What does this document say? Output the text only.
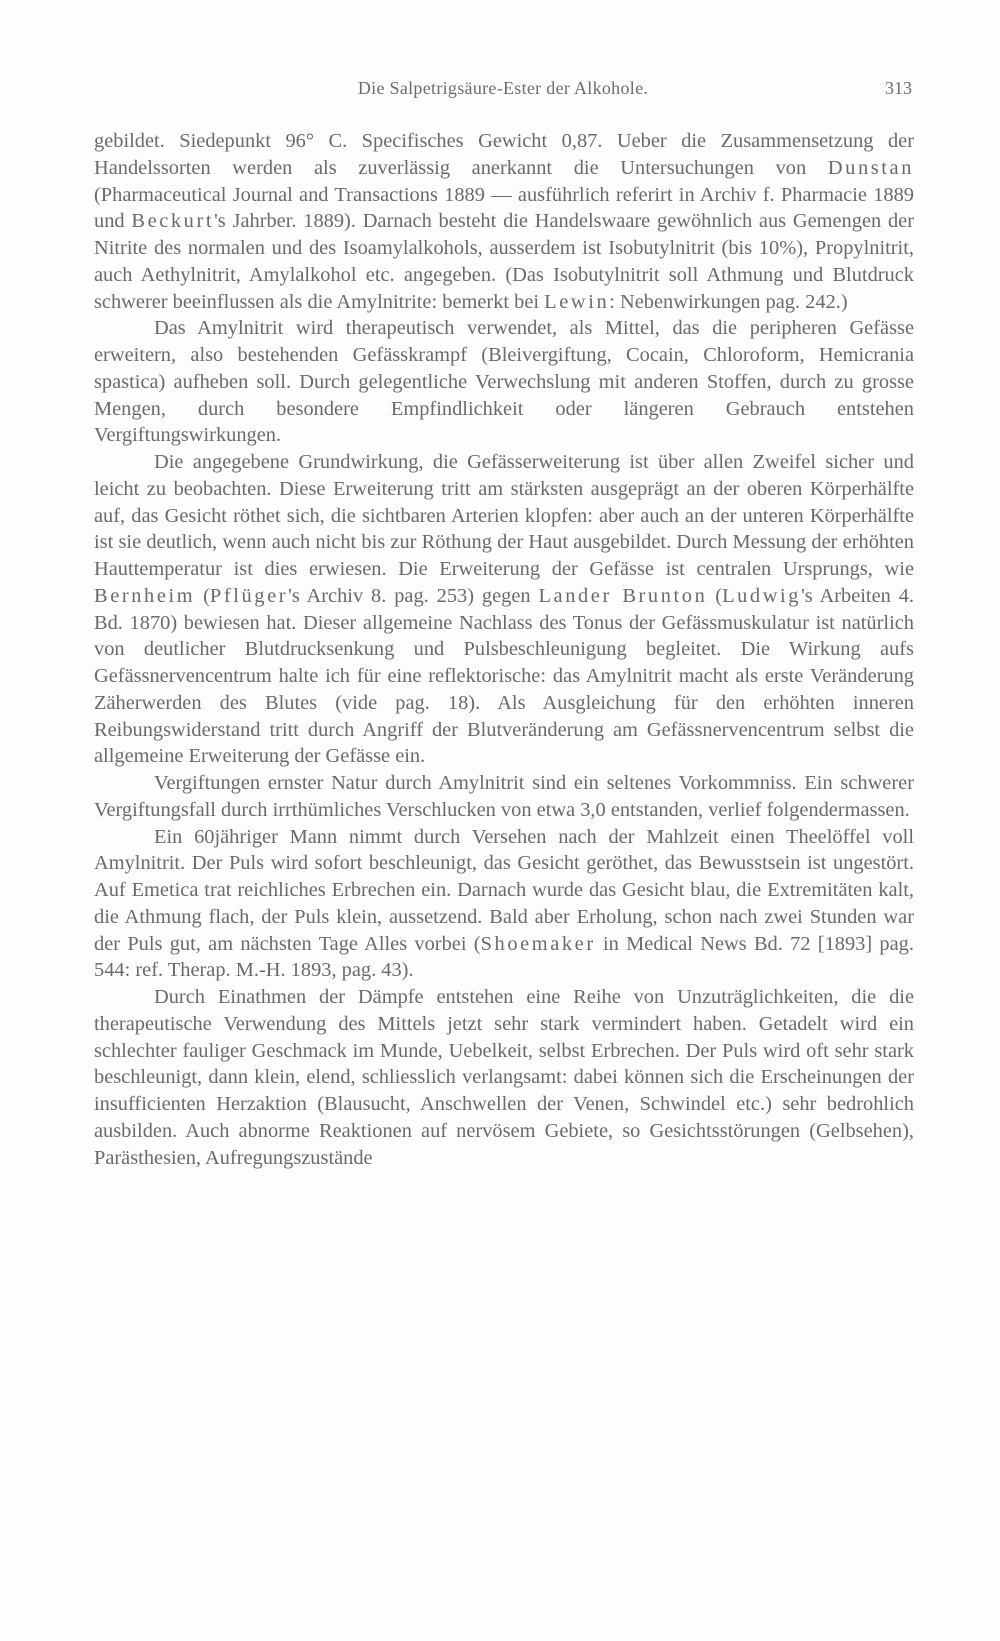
Die Salpetrigsäure-Ester der Alkohole.	313

gebildet. Siedepunkt 96° C. Specifisches Gewicht 0,87. Ueber die Zusammensetzung der Handelssorten werden als zuverlässig anerkannt die Untersuchungen von Dunstan (Pharmaceutical Journal and Transactions 1889 — ausführlich referirt in Archiv f. Pharmacie 1889 und Beckurt's Jahrber. 1889). Darnach besteht die Handelswaare gewöhnlich aus Gemengen der Nitrite des normalen und des Isoamylalkohols, ausserdem ist Isobutylnitrit (bis 10%), Propylnitrit, auch Aethylnitrit, Amylalkohol etc. angegeben. (Das Isobutylnitrit soll Athmung und Blutdruck schwerer beeinflussen als die Amylnitrite: bemerkt bei Lewin: Nebenwirkungen pag. 242.)

Das Amylnitrit wird therapeutisch verwendet, als Mittel, das die peripheren Gefässe erweitern, also bestehenden Gefässkrampf (Bleivergiftung, Cocain, Chloroform, Hemicrania spastica) aufheben soll. Durch gelegentliche Verwechslung mit anderen Stoffen, durch zu grosse Mengen, durch besondere Empfindlichkeit oder längeren Gebrauch entstehen Vergiftungswirkungen.

Die angegebene Grundwirkung, die Gefässerweiterung ist über allen Zweifel sicher und leicht zu beobachten. Diese Erweiterung tritt am stärksten ausgeprägt an der oberen Körperhälfte auf, das Gesicht röthet sich, die sichtbaren Arterien klopfen: aber auch an der unteren Körperhälfte ist sie deutlich, wenn auch nicht bis zur Röthung der Haut ausgebildet. Durch Messung der erhöhten Hauttemperatur ist dies erwiesen. Die Erweiterung der Gefässe ist centralen Ursprungs, wie Bernheim (Pflüger's Archiv 8. pag. 253) gegen Lander Brunton (Ludwig's Arbeiten 4. Bd. 1870) bewiesen hat. Dieser allgemeine Nachlass des Tonus der Gefässmuskulatur ist natürlich von deutlicher Blutdrucksenkung und Pulsbeschleunigung begleitet. Die Wirkung aufs Gefässnervencentrum halte ich für eine reflektorische: das Amylnitrit macht als erste Veränderung Zäherwerden des Blutes (vide pag. 18). Als Ausgleichung für den erhöhten inneren Reibungswiderstand tritt durch Angriff der Blutveränderung am Gefässnervencentrum selbst die allgemeine Erweiterung der Gefässe ein.

Vergiftungen ernster Natur durch Amylnitrit sind ein seltenes Vorkommniss. Ein schwerer Vergiftungsfall durch irrthümliches Verschlucken von etwa 3,0 entstanden, verlief folgendermassen.

Ein 60jähriger Mann nimmt durch Versehen nach der Mahlzeit einen Theelöffel voll Amylnitrit. Der Puls wird sofort beschleunigt, das Gesicht geröthet, das Bewusstsein ist ungestört. Auf Emetica trat reichliches Erbrechen ein. Darnach wurde das Gesicht blau, die Extremitäten kalt, die Athmung flach, der Puls klein, aussetzend. Bald aber Erholung, schon nach zwei Stunden war der Puls gut, am nächsten Tage Alles vorbei (Shoemaker in Medical News Bd. 72 [1893] pag. 544: ref. Therap. M.-H. 1893, pag. 43).

Durch Einathmen der Dämpfe entstehen eine Reihe von Unzuträglichkeiten, die die therapeutische Verwendung des Mittels jetzt sehr stark vermindert haben. Getadelt wird ein schlechter fauliger Geschmack im Munde, Uebelkeit, selbst Erbrechen. Der Puls wird oft sehr stark beschleunigt, dann klein, elend, schliesslich verlangsamt: dabei können sich die Erscheinungen der insufficienten Herzaktion (Blausucht, Anschwellen der Venen, Schwindel etc.) sehr bedrohlich ausbilden. Auch abnorme Reaktionen auf nervösem Gebiete, so Gesichtsstörungen (Gelbsehen), Parästhesien, Aufregungszustände
